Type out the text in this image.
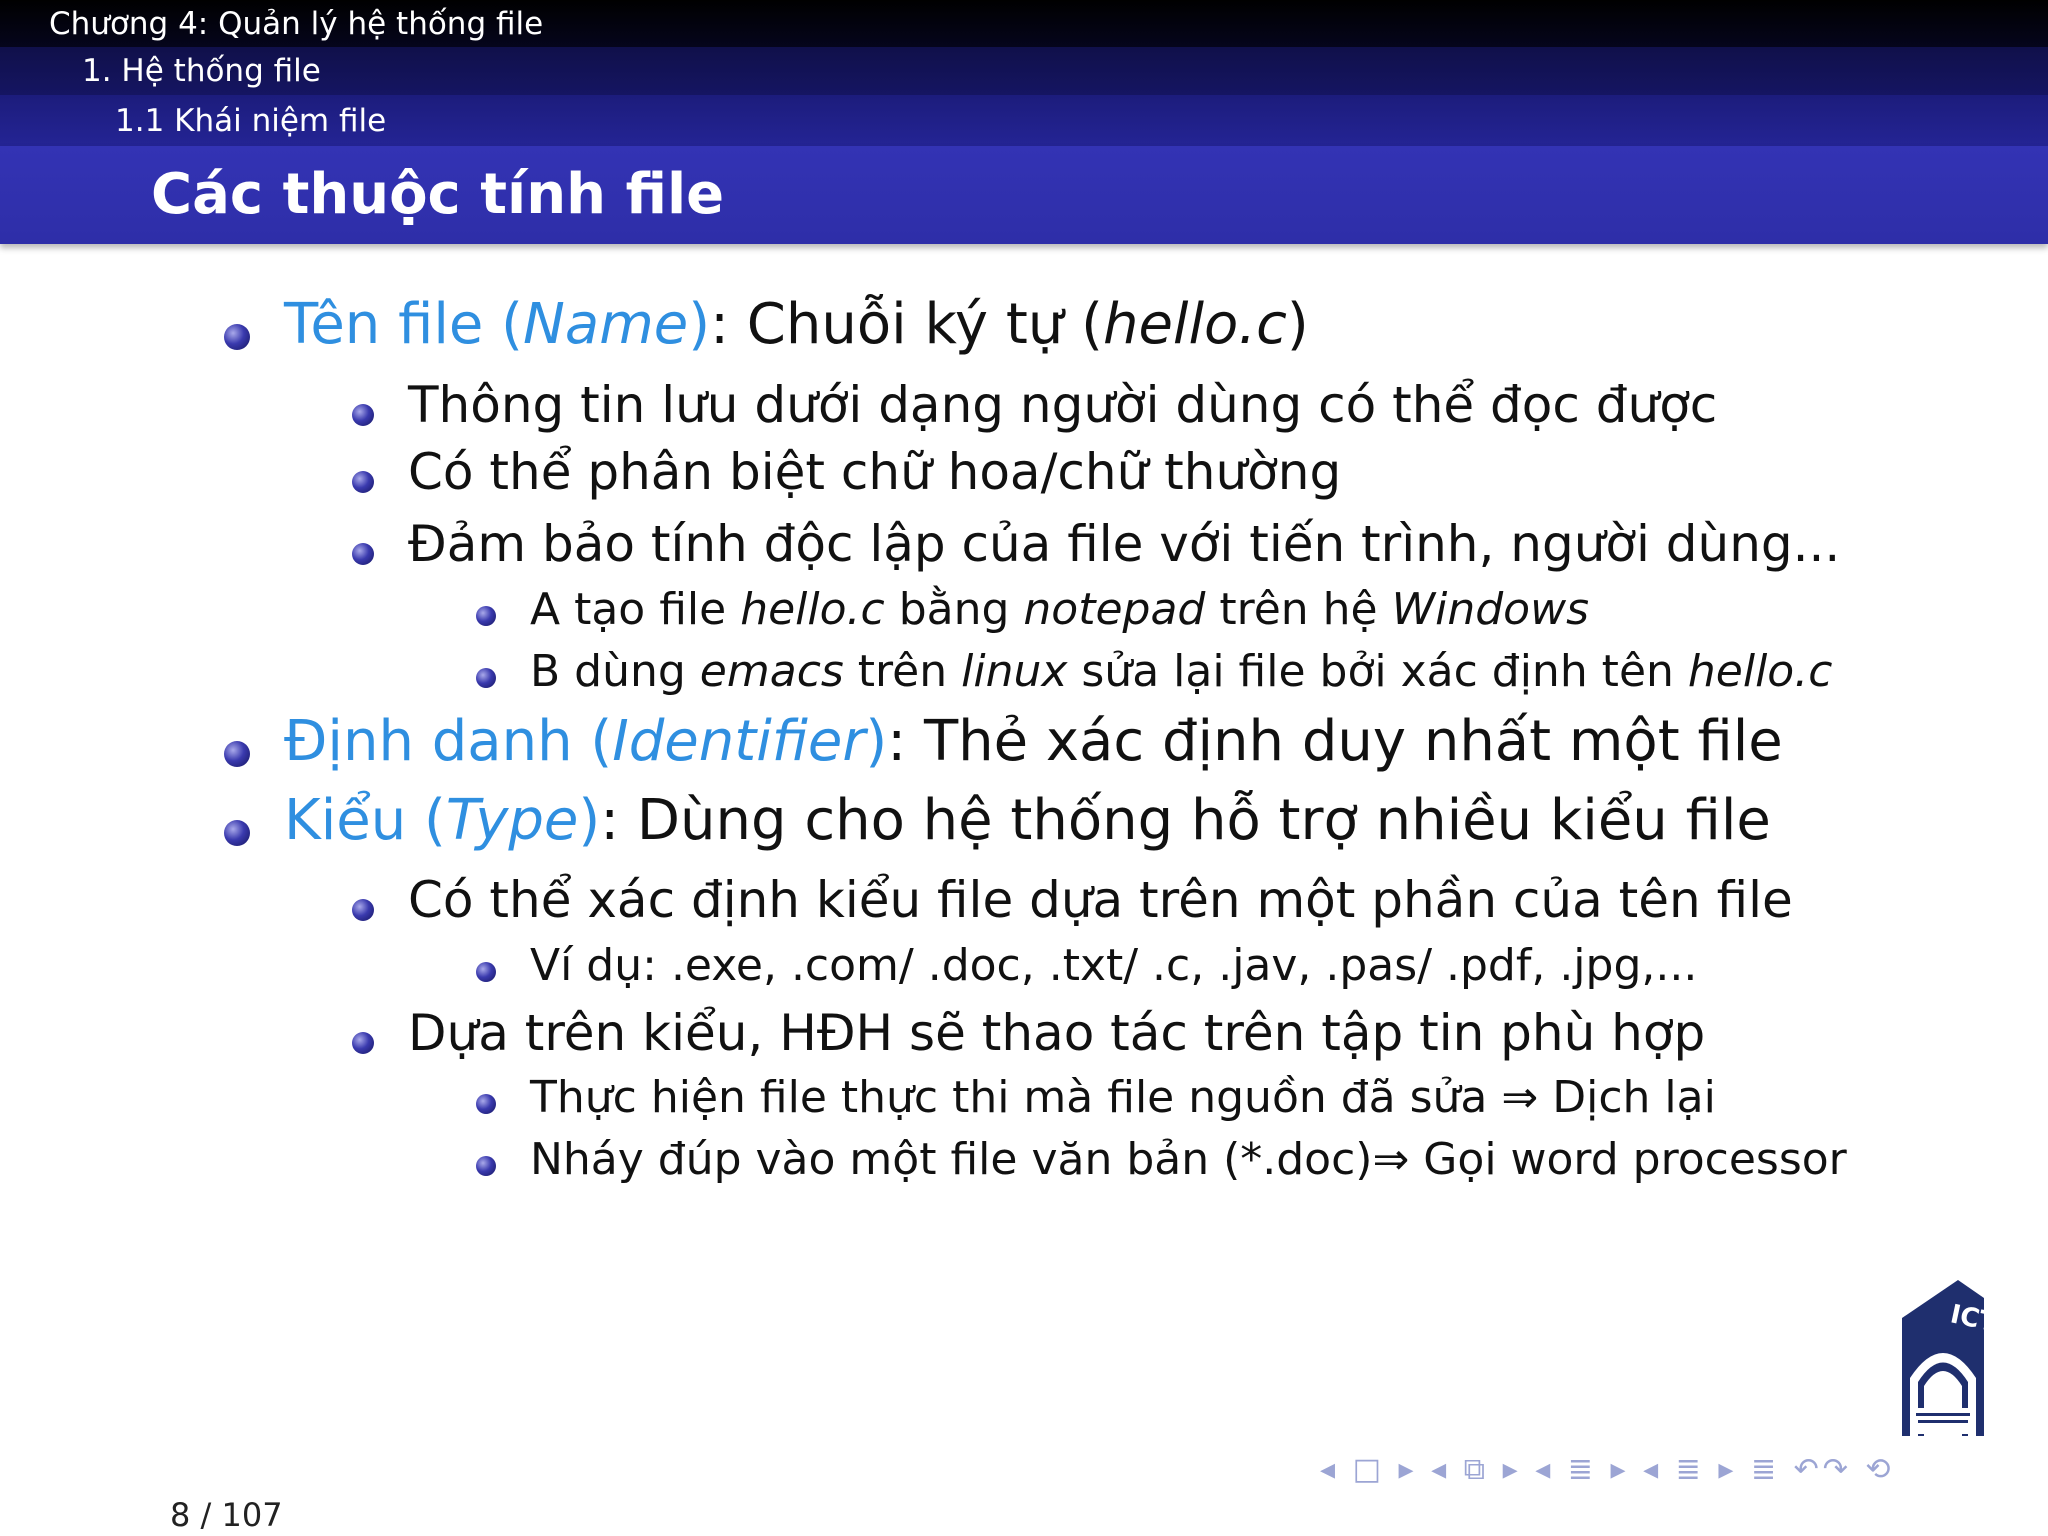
Chương 4: Quản lý hệ thống file
1. Hệ thống file
1.1 Khái niệm file
Các thuộc tính file
Tên file (Name): Chuỗi ký tự (hello.c)
Thông tin lưu dưới dạng người dùng có thể đọc được
Có thể phân biệt chữ hoa/chữ thường
Đảm bảo tính độc lập của file với tiến trình, người dùng...
A tạo file hello.c bằng notepad trên hệ Windows
B dùng emacs trên linux sửa lại file bởi xác định tên hello.c
Định danh (Identifier): Thẻ xác định duy nhất một file
Kiểu (Type): Dùng cho hệ thống hỗ trợ nhiều kiểu file
Có thể xác định kiểu file dựa trên một phần của tên file
Ví dụ: .exe, .com/ .doc, .txt/ .c, .jav, .pas/ .pdf, .jpg,...
Dựa trên kiểu, HĐH sẽ thao tác trên tập tin phù hợp
Thực hiện file thực thi mà file nguồn đã sửa ⇒ Dịch lại
Nháy đúp vào một file văn bản (*.doc)⇒ Gọi word processor
ICT
◂ □ ▸ ◂ ⧉ ▸ ◂ ≣ ▸ ◂ ≣ ▸ ≣ ↶↷ ⟲
8 / 107
